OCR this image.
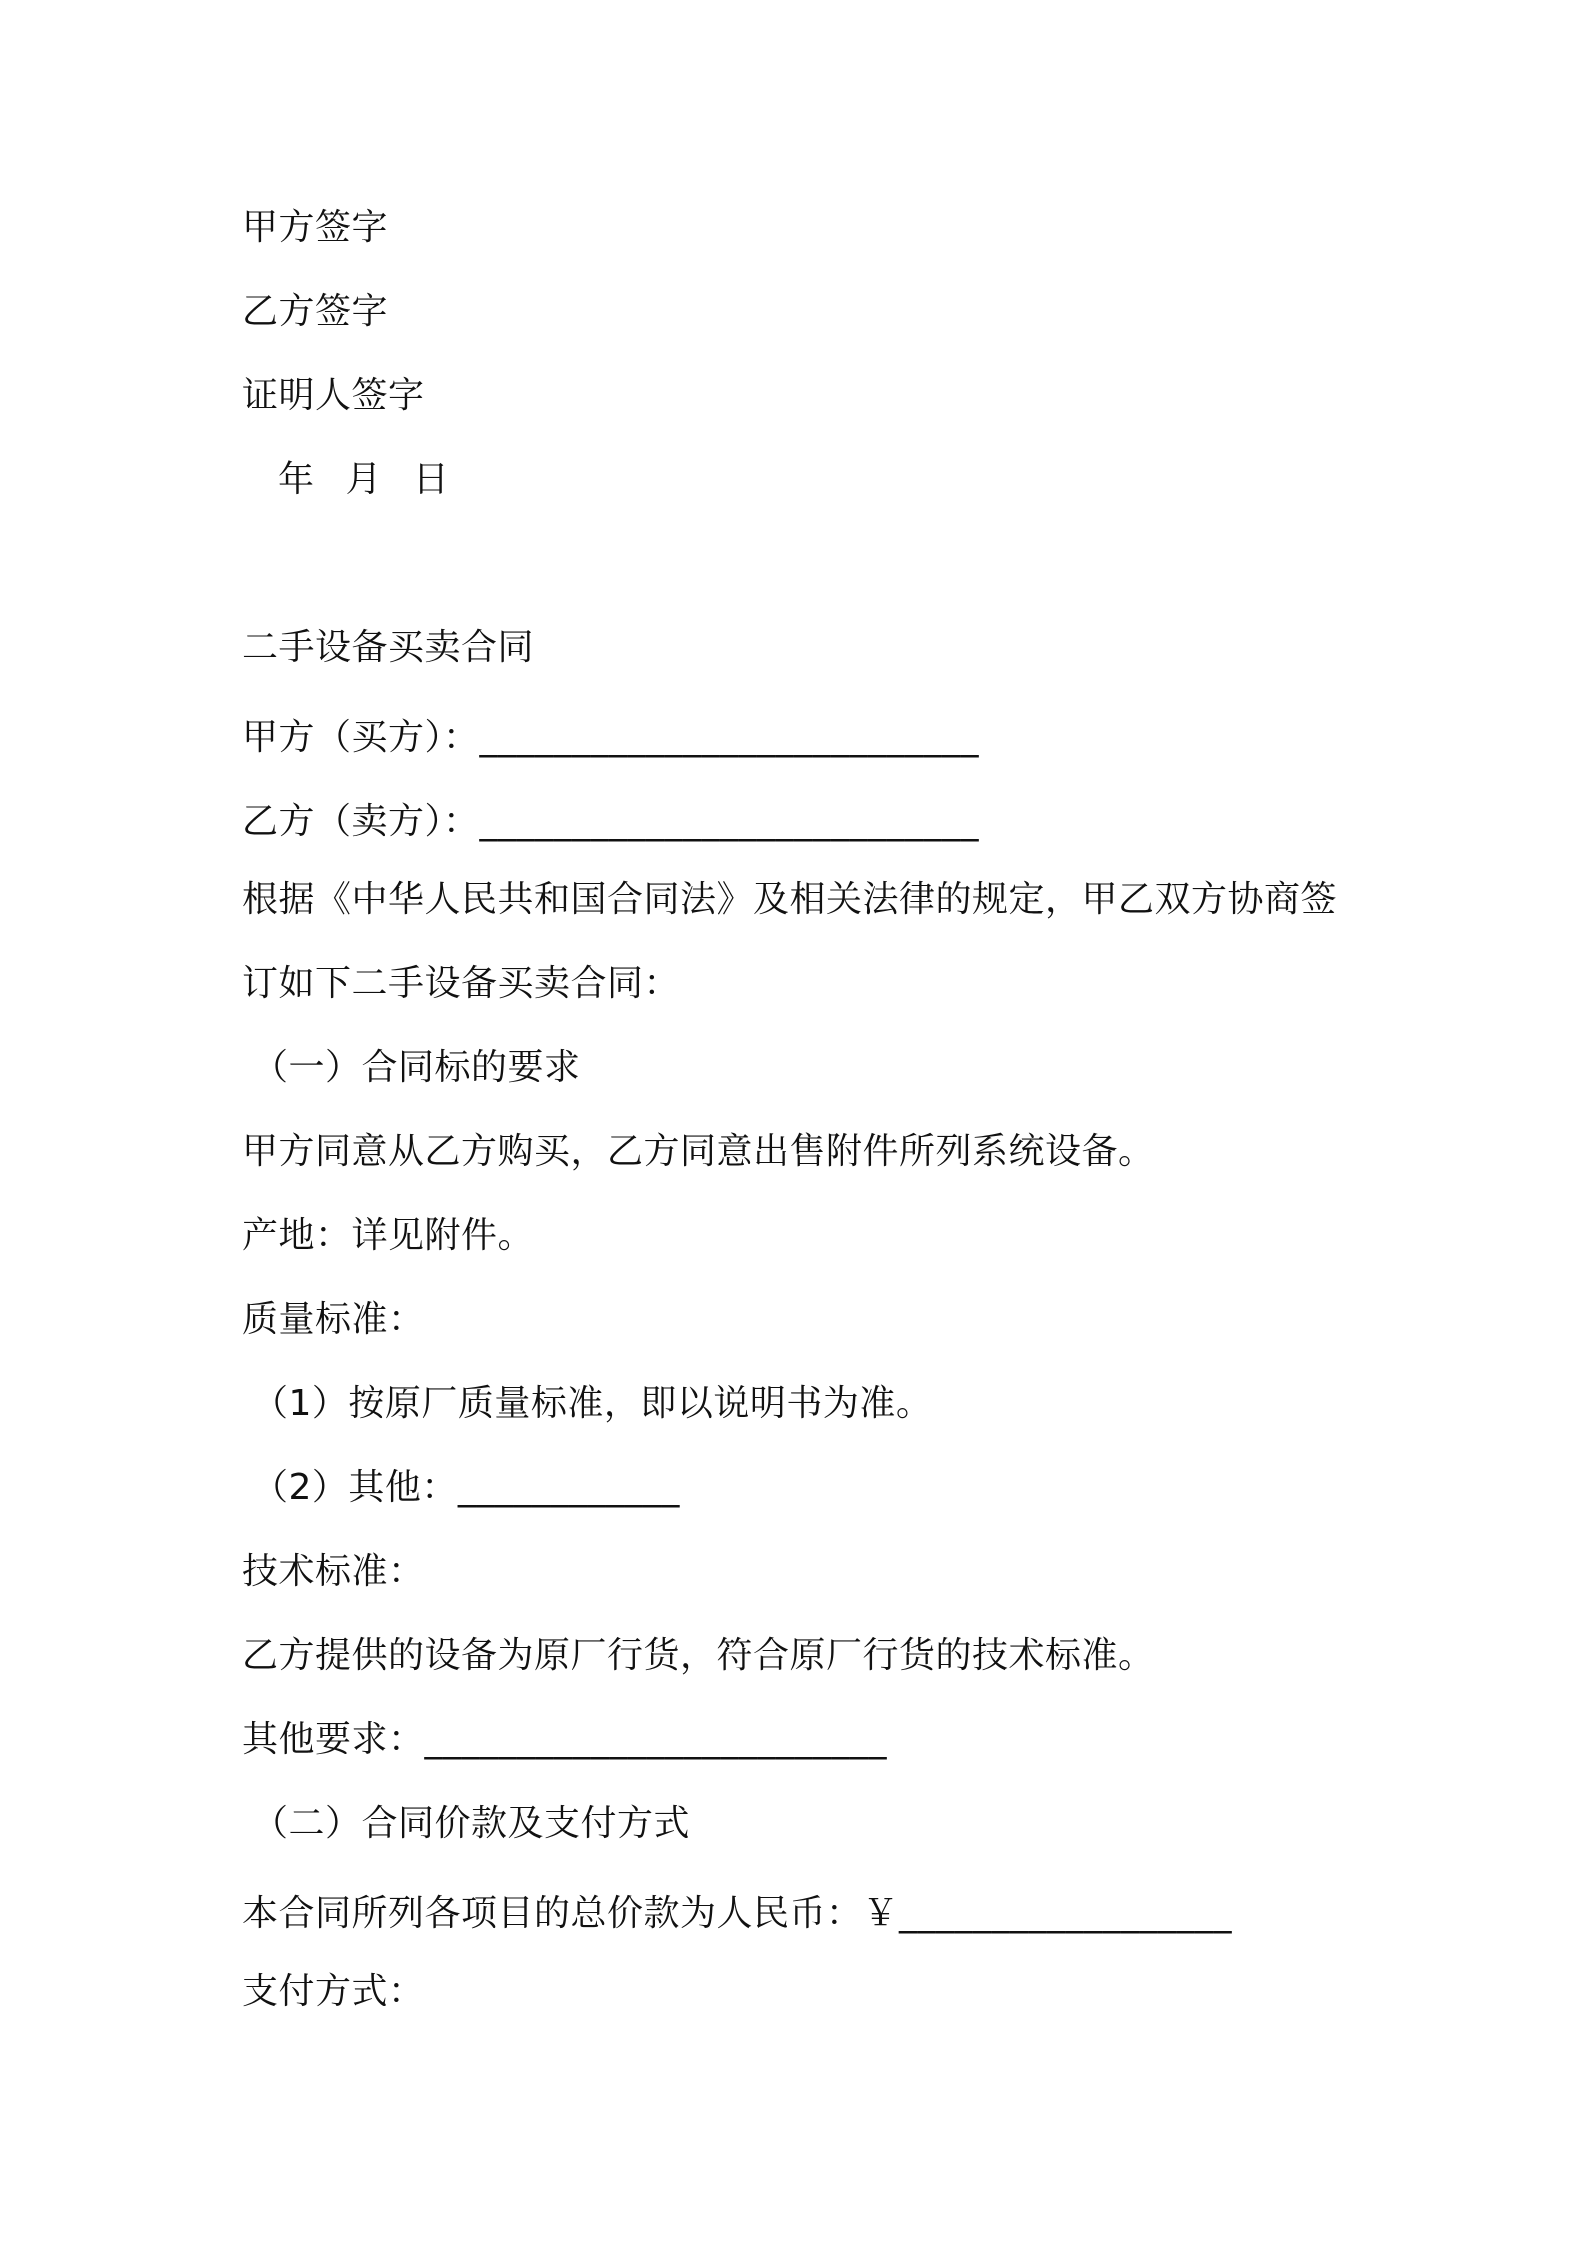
甲方签字
乙方签字
证明人签字
年 月 日
二手设备买卖合同
甲方（买方）：___________________________
乙方（卖方）：___________________________
根据《中华人民共和国合同法》及相关法律的规定，甲乙双方协商签
订如下二手设备买卖合同：
（一）合同标的要求
甲方同意从乙方购买，乙方同意出售附件所列系统设备。
产地：详见附件。
质量标准：
（1）按原厂质量标准，即以说明书为准。
（2）其他：____________
技术标准：
乙方提供的设备为原厂行货，符合原厂行货的技术标准。
其他要求：_________________________
（二）合同价款及支付方式
本合同所列各项目的总价款为人民币：￥__________________
支付方式：
